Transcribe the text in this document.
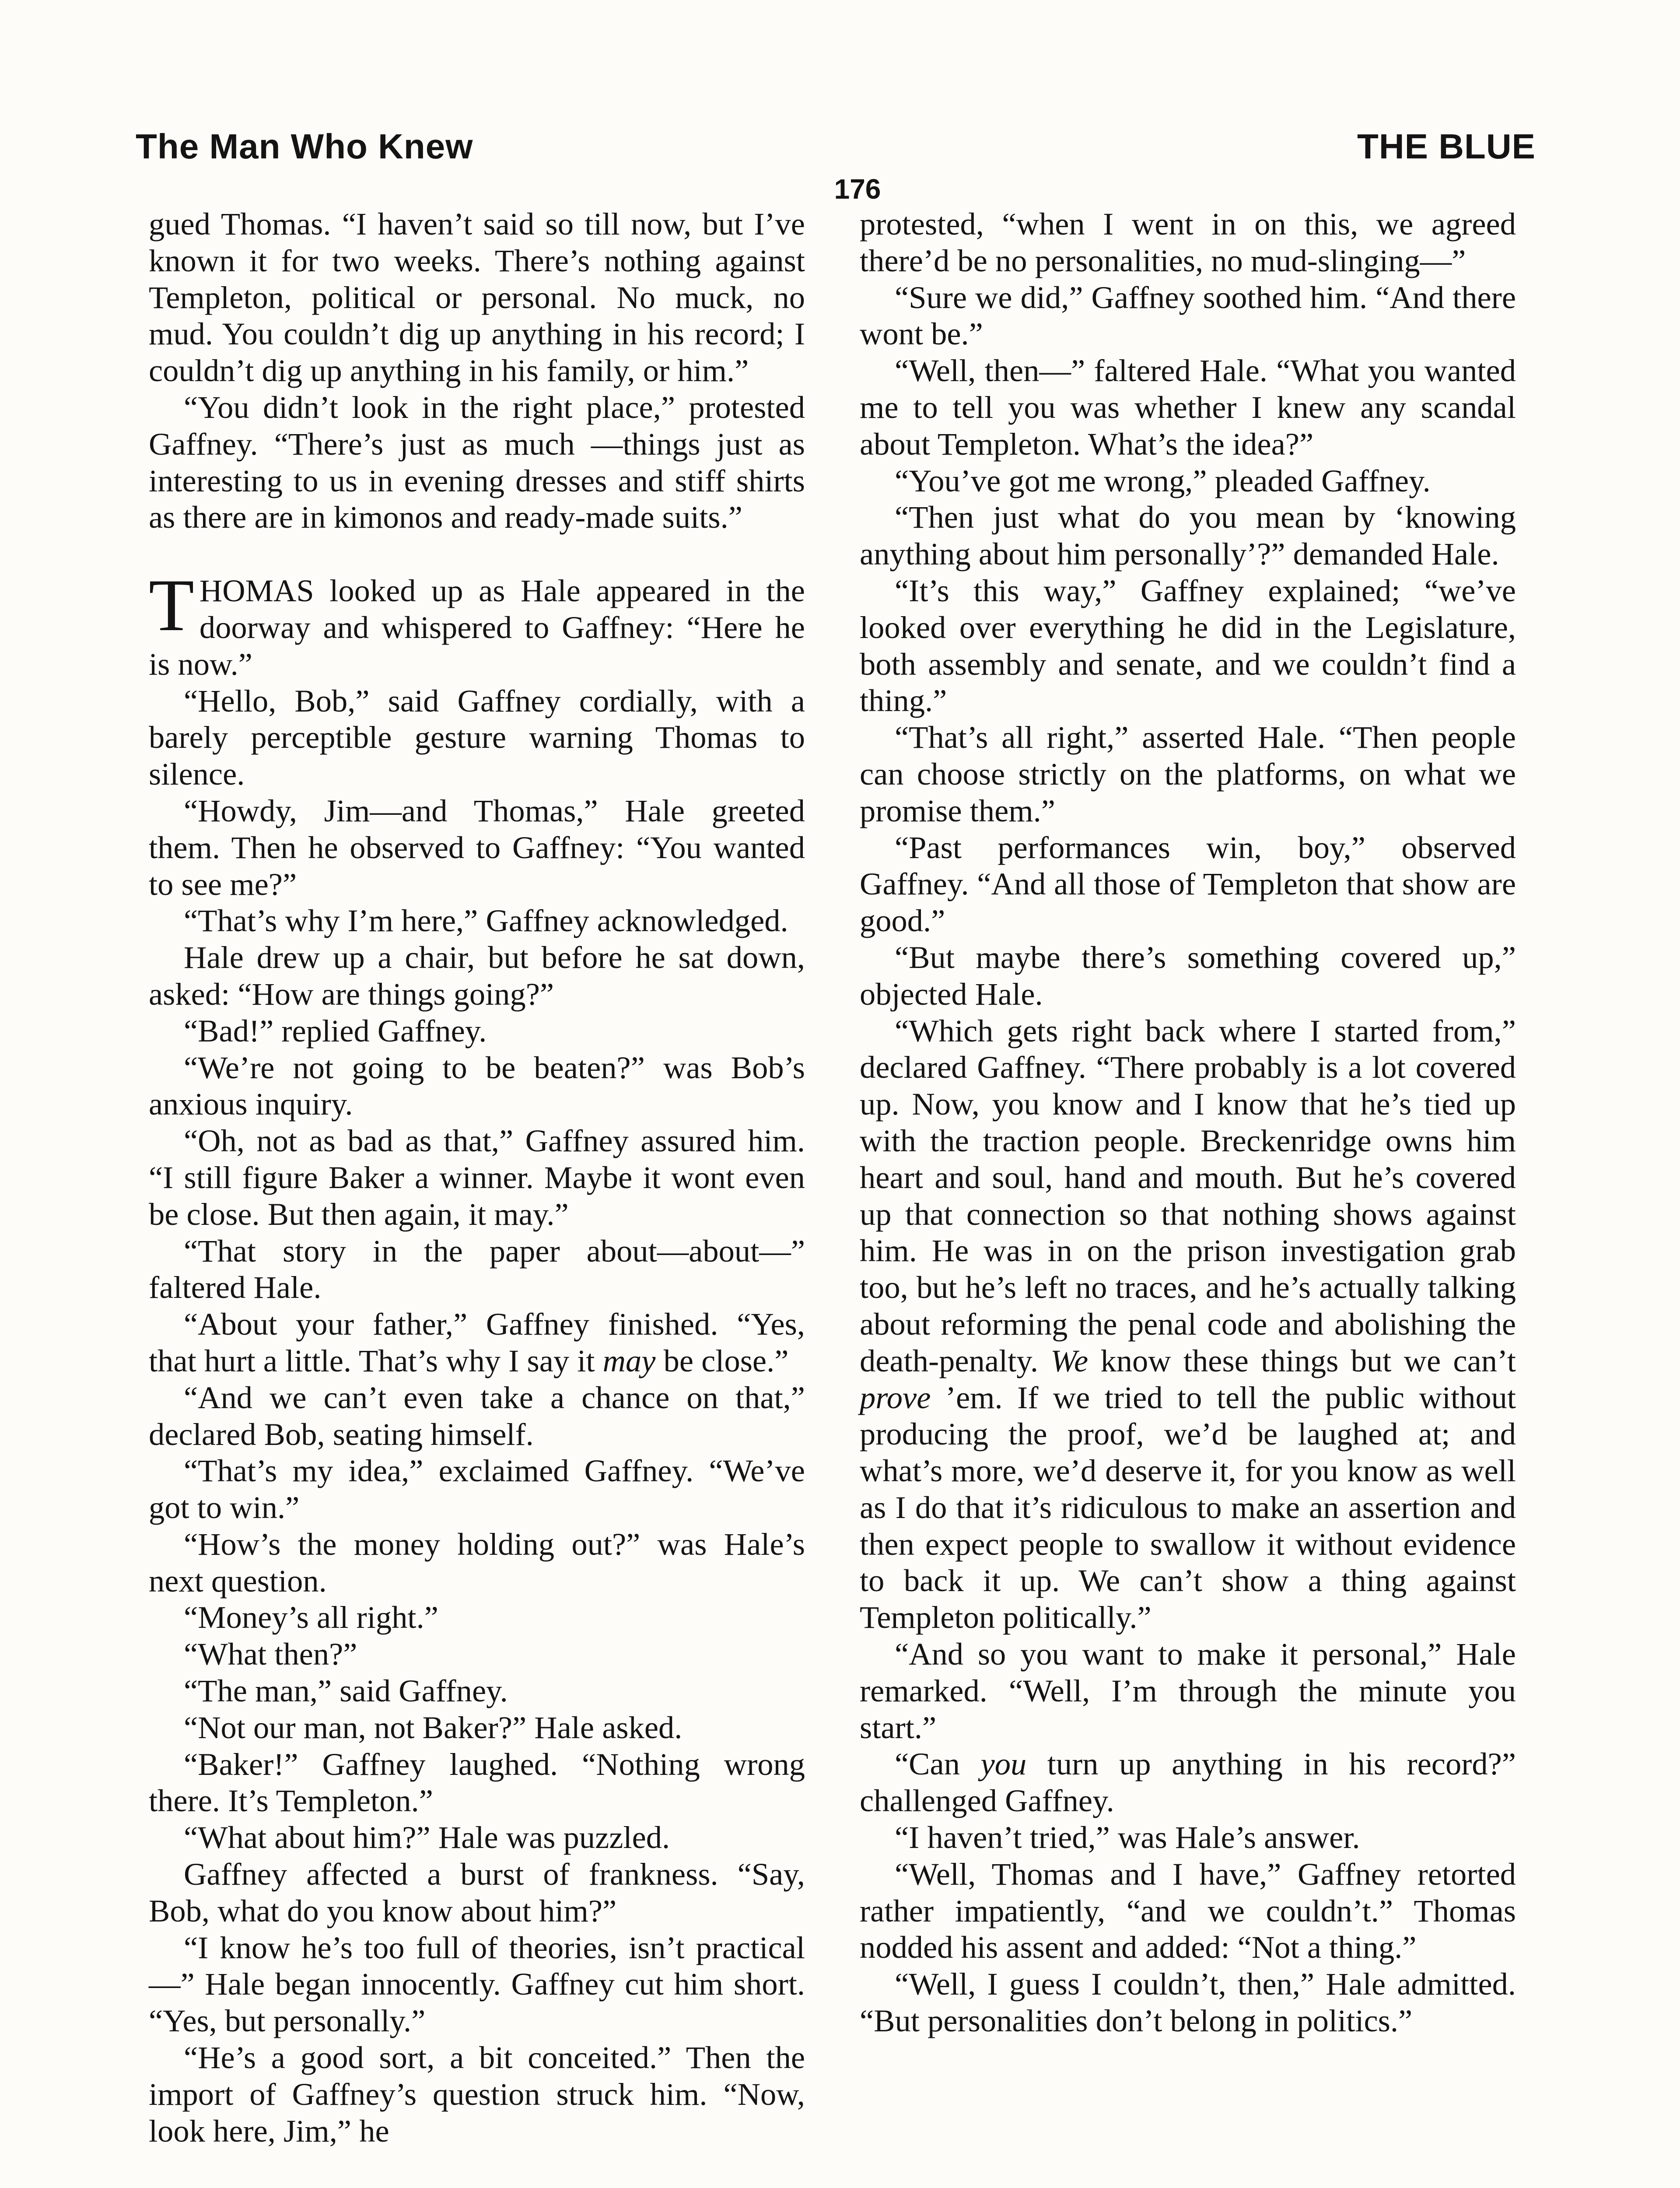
The Man Who Knew	THE BLUE
176

gued Thomas. “I haven’t said so till now, but I’ve known it for two weeks. There’s nothing against Templeton, political or personal. No muck, no mud. You couldn’t dig up anything in his record; I couldn’t dig up anything in his family, or him.”

“You didn’t look in the right place,” protested Gaffney. “There’s just as much —things just as interesting to us in evening dresses and stiff shirts as there are in kimonos and ready-made suits.”

THOMAS looked up as Hale appeared in the doorway and whispered to Gaffney: “Here he is now.”

“Hello, Bob,” said Gaffney cordially, with a barely perceptible gesture warning Thomas to silence.

“Howdy, Jim—and Thomas,” Hale greeted them. Then he observed to Gaffney: “You wanted to see me?”

“That’s why I’m here,” Gaffney acknowledged.

Hale drew up a chair, but before he sat down, asked: “How are things going?”

“Bad!” replied Gaffney.

“We’re not going to be beaten?” was Bob’s anxious inquiry.

“Oh, not as bad as that,” Gaffney assured him. “I still figure Baker a winner. Maybe it wont even be close. But then again, it may.”

“That story in the paper about—about—” faltered Hale.

“About your father,” Gaffney finished. “Yes, that hurt a little. That’s why I say it may be close.”

“And we can’t even take a chance on that,” declared Bob, seating himself.

“That’s my idea,” exclaimed Gaffney. “We’ve got to win.”

“How’s the money holding out?” was Hale’s next question.

“Money’s all right.”

“What then?”

“The man,” said Gaffney.

“Not our man, not Baker?” Hale asked.

“Baker!” Gaffney laughed. “Nothing wrong there. It’s Templeton.”

“What about him?” Hale was puzzled.

Gaffney affected a burst of frankness. “Say, Bob, what do you know about him?”

“I know he’s too full of theories, isn’t practical—” Hale began innocently. Gaffney cut him short. “Yes, but personally.”

“He’s a good sort, a bit conceited.” Then the import of Gaffney’s question struck him. “Now, look here, Jim,” he

protested, “when I went in on this, we agreed there’d be no personalities, no mud-slinging—”

“Sure we did,” Gaffney soothed him. “And there wont be.”

“Well, then—” faltered Hale. “What you wanted me to tell you was whether I knew any scandal about Templeton. What’s the idea?”

“You’ve got me wrong,” pleaded Gaffney.

“Then just what do you mean by ‘knowing anything about him personally’?” demanded Hale.

“It’s this way,” Gaffney explained; “we’ve looked over everything he did in the Legislature, both assembly and senate, and we couldn’t find a thing.”

“That’s all right,” asserted Hale. “Then people can choose strictly on the platforms, on what we promise them.”

“Past performances win, boy,” observed Gaffney. “And all those of Templeton that show are good.”

“But maybe there’s something covered up,” objected Hale.

“Which gets right back where I started from,” declared Gaffney. “There probably is a lot covered up. Now, you know and I know that he’s tied up with the traction people. Breckenridge owns him heart and soul, hand and mouth. But he’s covered up that connection so that nothing shows against him. He was in on the prison investigation grab too, but he’s left no traces, and he’s actually talking about reforming the penal code and abolishing the death-penalty. We know these things but we can’t prove ’em. If we tried to tell the public without producing the proof, we’d be laughed at; and what’s more, we’d deserve it, for you know as well as I do that it’s ridiculous to make an assertion and then expect people to swallow it without evidence to back it up. We can’t show a thing against Templeton politically.”

“And so you want to make it personal,” Hale remarked. “Well, I’m through the minute you start.”

“Can you turn up anything in his record?” challenged Gaffney.

“I haven’t tried,” was Hale’s answer.

“Well, Thomas and I have,” Gaffney retorted rather impatiently, “and we couldn’t.” Thomas nodded his assent and added: “Not a thing.”

“Well, I guess I couldn’t, then,” Hale admitted. “But personalities don’t belong in politics.”
